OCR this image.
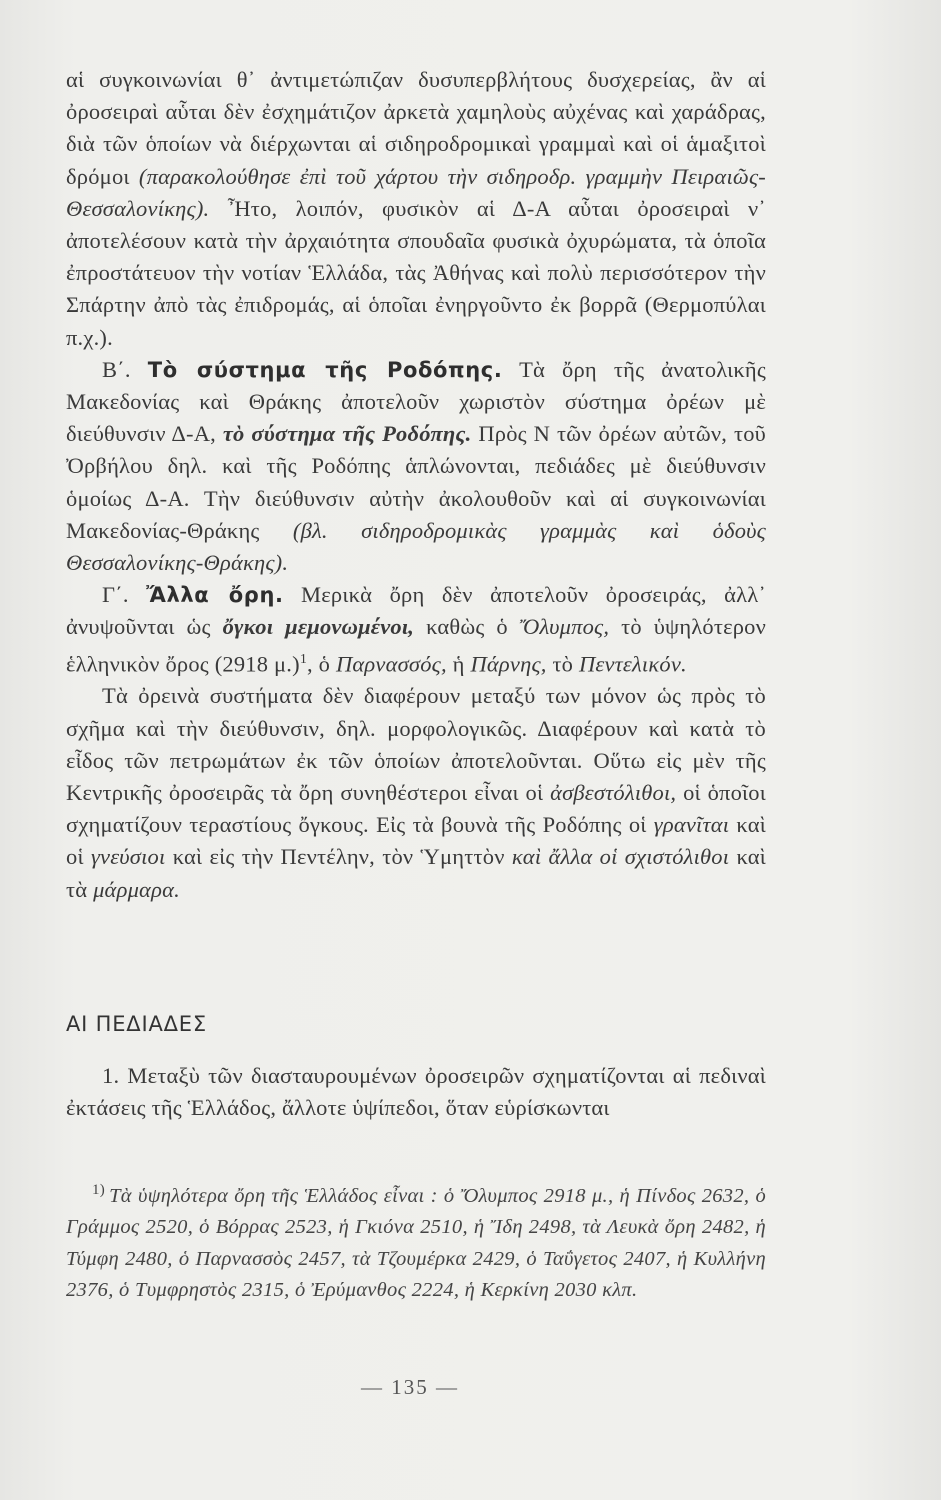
αἱ συγκοινωνίαι θ᾽ ἀντιμετώπιζαν δυσυπερβλήτους δυσχερείας, ἂν αἱ ὀροσειραὶ αὗται δὲν ἐσχημάτιζον ἀρκετὰ χαμηλοὺς αὐχένας καὶ χαράδρας, διὰ τῶν ὁποίων νὰ διέρχωνται αἱ σιδηροδρομικαὶ γραμμαὶ καὶ οἱ ἁμαξιτοὶ δρόμοι (παρακολούθησε ἐπὶ τοῦ χάρτου τὴν σιδηροδρ. γραμμὴν Πειραιῶς-Θεσσαλονίκης). Ἦτο, λοιπόν, φυσικὸν αἱ Δ-Α αὗται ὀροσειραὶ ν᾽ ἀποτελέσουν κατὰ τὴν ἀρχαιότητα σπουδαῖα φυσικὰ ὀχυρώματα, τὰ ὁποῖα ἐπροστάτευον τὴν νοτίαν Ἑλλάδα, τὰς Ἀθήνας καὶ πολὺ περισσότερον τὴν Σπάρτην ἀπὸ τὰς ἐπιδρομάς, αἱ ὁποῖαι ἐνηργοῦντο ἐκ βορρᾶ (Θερμοπύλαι π.χ.).

Β΄. Τὸ σύστημα τῆς Ροδόπης. Τὰ ὄρη τῆς ἀνατολικῆς Μακεδονίας καὶ Θράκης ἀποτελοῦν χωριστὸν σύστημα ὀρέων μὲ διεύθυνσιν Δ-Α, τὸ σύστημα τῆς Ροδόπης. Πρὸς Ν τῶν ὀρέων αὐτῶν, τοῦ Ὀρβήλου δηλ. καὶ τῆς Ροδόπης ἁπλώνονται, πεδιάδες μὲ διεύθυνσιν ὁμοίως Δ-Α. Τὴν διεύθυνσιν αὐτὴν ἀκολουθοῦν καὶ αἱ συγκοινωνίαι Μακεδονίας-Θράκης (βλ. σιδηροδρομικὰς γραμμὰς καὶ ὁδοὺς Θεσσαλονίκης-Θράκης).

Γ΄. Ἄλλα ὄρη. Μερικὰ ὄρη δὲν ἀποτελοῦν ὀροσειράς, ἀλλ᾽ ἀνυψοῦνται ὡς ὄγκοι μεμονωμένοι, καθὼς ὁ Ὄλυμπος, τὸ ὑψηλότερον ἑλληνικὸν ὄρος (2918 μ.)$^1$, ὁ Παρνασσός, ἡ Πάρνης, τὸ Πεντελικόν.

Τὰ ὀρεινὰ συστήματα δὲν διαφέρουν μεταξύ των μόνον ὡς πρὸς τὸ σχῆμα καὶ τὴν διεύθυνσιν, δηλ. μορφολογικῶς. Διαφέρουν καὶ κατὰ τὸ εἶδος τῶν πετρωμάτων ἐκ τῶν ὁποίων ἀποτελοῦνται. Οὕτω εἰς μὲν τῆς Κεντρικῆς ὀροσειρᾶς τὰ ὄρη συνηθέστεροι εἶναι οἱ ἀσβεστόλιθοι, οἱ ὁποῖοι σχηματίζουν τεραστίους ὄγκους. Εἰς τὰ βουνὰ τῆς Ροδόπης οἱ γρανῖται καὶ οἱ γνεύσιοι καὶ εἰς τὴν Πεντέλην, τὸν Ὑμηττὸν καὶ ἄλλα οἱ σχιστόλιθοι καὶ τὰ μάρμαρα.

ΑΙ ΠΕΔΙΑΔΕΣ

1. Μεταξὺ τῶν διασταυρουμένων ὀροσειρῶν σχηματίζονται αἱ πεδιναὶ ἐκτάσεις τῆς Ἑλλάδος, ἄλλοτε ὑψίπεδοι, ὅταν εὑρίσκωνται

$^{1)}$ Τὰ ὑψηλότερα ὄρη τῆς Ἑλλάδος εἶναι : ὁ Ὄλυμπος 2918 μ., ἡ Πίνδος 2632, ὁ Γράμμος 2520, ὁ Βόρρας 2523, ἡ Γκιόνα 2510, ἡ Ἴδη 2498, τὰ Λευκὰ ὄρη 2482, ἡ Τύμφη 2480, ὁ Παρνασσὸς 2457, τὰ Τζουμέρκα 2429, ὁ Ταΰγετος 2407, ἡ Κυλλήνη 2376, ὁ Τυμφρηστὸς 2315, ὁ Ἐρύμανθος 2224, ἡ Κερκίνη 2030 κλπ.
— 135 —
